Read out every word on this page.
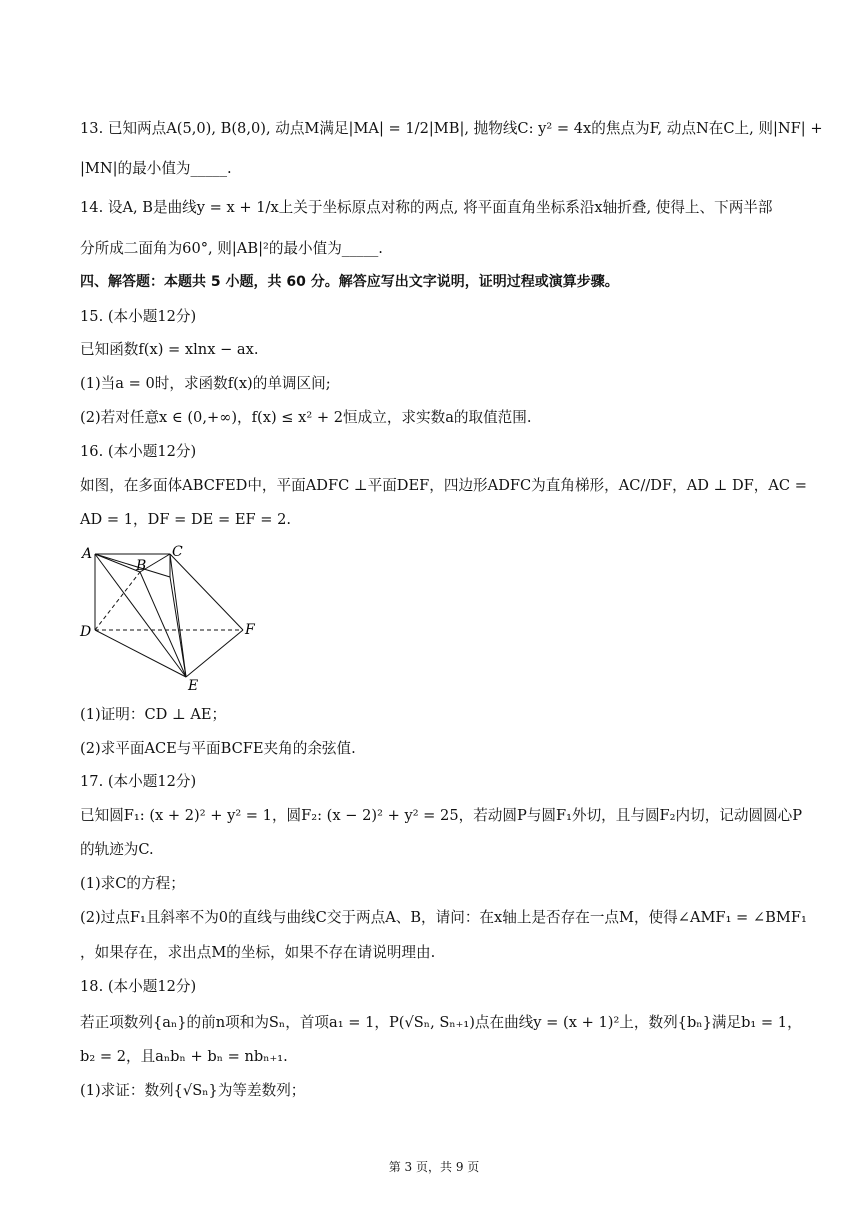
13. 已知两点A(5,0), B(8,0), 动点M满足|MA| = 1/2|MB|, 抛物线C: y² = 4x的焦点为F, 动点N在C上, 则|NF| +
|MN|的最小值为_____.
14. 设A, B是曲线y = x + 1/x上关于坐标原点对称的两点, 将平面直角坐标系沿x轴折叠, 使得上、下两半部
分所成二面角为60°, 则|AB|²的最小值为_____.
四、解答题：本题共 5 小题，共 60 分。解答应写出文字说明，证明过程或演算步骤。
15. (本小题12分)
已知函数f(x) = xlnx − ax.
(1)当a = 0时，求函数f(x)的单调区间;
(2)若对任意x ∈ (0,+∞)，f(x) ≤ x² + 2恒成立，求实数a的取值范围.
16. (本小题12分)
如图，在多面体ABCFED中，平面ADFC ⊥平面DEF，四边形ADFC为直角梯形，AC//DF，AD ⊥ DF，AC =
AD = 1，DF = DE = EF = 2.
A
B
C
D
E
F
(1)证明：CD ⊥ AE；
(2)求平面ACE与平面BCFE夹角的余弦值.
17. (本小题12分)
已知圆F₁: (x + 2)² + y² = 1，圆F₂: (x − 2)² + y² = 25，若动圆P与圆F₁外切，且与圆F₂内切，记动圆圆心P
的轨迹为C.
(1)求C的方程；
(2)过点F₁且斜率不为0的直线与曲线C交于两点A、B，请问：在x轴上是否存在一点M，使得∠AMF₁ = ∠BMF₁
，如果存在，求出点M的坐标，如果不存在请说明理由.
18. (本小题12分)
若正项数列{aₙ}的前n项和为Sₙ，首项a₁ = 1，P(√Sₙ, Sₙ₊₁)点在曲线y = (x + 1)²上，数列{bₙ}满足b₁ = 1，
b₂ = 2，且aₙbₙ + bₙ = nbₙ₊₁.
(1)求证：数列{√Sₙ}为等差数列；
第 3 页，共 9 页
